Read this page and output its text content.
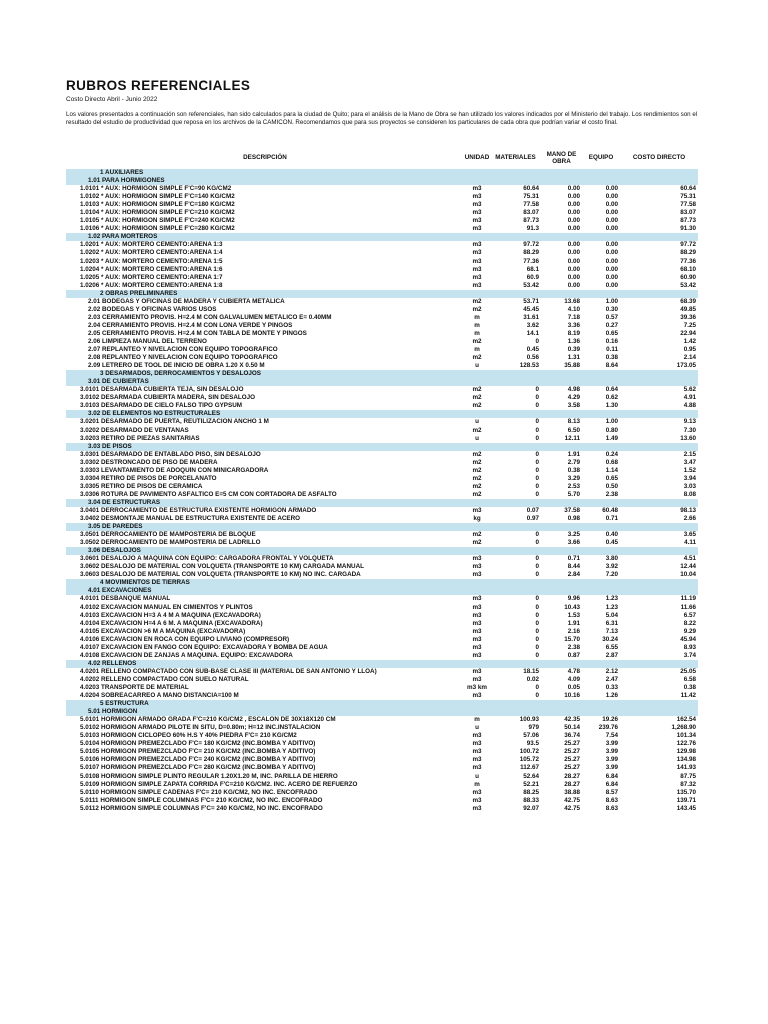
RUBROS REFERENCIALES
Costo Directo Abril - Junio 2022
Los valores presentados a continuación son referenciales, han sido calculados para la ciudad de Quito; para el análisis de la Mano de Obra se han utilizado los valores indicados por el Ministerio del trabajo. Los rendimientos son el resultado del estudio de productividad que reposa en los archivos de la CAMICON. Recomendamos que para sus proyectos se consideren los particulares de cada obra que podrían variar el costo final.
DESCRIPCIÓN	UNIDAD	MATERIALES	MANO DE OBRA	EQUIPO	COSTO DIRECTO
1 AUXILIARES					
1.01 PARA HORMIGONES					
1.0101 * AUX: HORMIGÓN SIMPLE F'C=90 KG/CM2	m3	60.64	0.00	0.00	60.64
1.0102 * AUX: HORMIGÓN SIMPLE F'C=140 KG/CM2	m3	75.31	0.00	0.00	75.31
1.0103 * AUX: HORMIGÓN SIMPLE F'C=180 KG/CM2	m3	77.58	0.00	0.00	77.58
1.0104 * AUX: HORMIGÓN SIMPLE F'C=210 KG/CM2	m3	83.07	0.00	0.00	83.07
1.0105 * AUX: HORMIGÓN SIMPLE F'C=240 KG/CM2	m3	87.73	0.00	0.00	87.73
1.0106 * AUX: HORMIGÓN SIMPLE F'C=280 KG/CM2	m3	91.3	0.00	0.00	91.30
1.02 PARA MORTEROS					
1.0201 * AUX: MORTERO CEMENTO:ARENA 1:3	m3	97.72	0.00	0.00	97.72
1.0202 * AUX: MORTERO CEMENTO:ARENA 1:4	m3	88.29	0.00	0.00	88.29
1.0203 * AUX: MORTERO CEMENTO:ARENA 1:5	m3	77.36	0.00	0.00	77.36
1.0204 * AUX: MORTERO CEMENTO:ARENA 1:6	m3	68.1	0.00	0.00	68.10
1.0205 * AUX: MORTERO CEMENTO:ARENA 1:7	m3	60.9	0.00	0.00	60.90
1.0206 * AUX: MORTERO CEMENTO:ARENA 1:8	m3	53.42	0.00	0.00	53.42
2 OBRAS PRELIMINARES					
2.01 BODEGAS Y OFICINAS DE MADERA Y CUBIERTA METÁLICA	m2	53.71	13.68	1.00	68.39
2.02 BODEGAS Y OFICINAS VARIOS USOS	m2	45.45	4.10	0.30	49.85
2.03 CERRAMIENTO PROVIS. H=2.4 M CON GALVALUMEN METÁLICO E= 0.40MM	m	31.61	7.18	0.57	39.36
2.04 CERRAMIENTO PROVIS. H=2.4 M CON LONA VERDE Y PINGOS	m	3.62	3.36	0.27	7.25
2.05 CERRAMIENTO PROVIS. H=2.4 M CON TABLA DE MONTE Y PINGOS	m	14.1	8.19	0.65	22.94
2.06 LIMPIEZA MANUAL DEL TERRENO	m2	0	1.36	0.16	1.42
2.07 REPLANTEO Y NIVELACIÓN CON EQUIPO TOPOGRÁFICO	m	0.45	0.39	0.11	0.95
2.08 REPLANTEO Y NIVELACIÓN CON EQUIPO TOPOGRÁFICO	m2	0.56	1.31	0.38	2.14
2.09 LETRERO DE TOOL DE INICIO DE OBRA 1.20 X 0.50 M	u	128.53	35.88	8.64	173.05
3 DESARMADOS, DERROCAMIENTOS Y DESALOJOS					
3.01 DE CUBIERTAS					
3.0101 DESARMADA CUBIERTA TEJA, SIN DESALOJO	m2	0	4.98	0.64	5.62
3.0102 DESARMADA CUBIERTA MADERA, SIN DESALOJO	m2	0	4.29	0.62	4.91
3.0103 DESARMADO DE CIELO FALSO TIPO GYPSUM	m2	0	3.58	1.30	4.88
3.02 DE ELEMENTOS NO ESTRUCTURALES					
3.0201 DESARMADO DE PUERTA, REUTILIZACIÓN ANCHO 1 M	u	0	8.13	1.00	9.13
3.0202 DESARMADO DE VENTANAS	m2	0	6.50	0.80	7.30
3.0203 RETIRO DE PIEZAS SANITARIAS	u	0	12.11	1.49	13.60
3.03 DE PISOS					
3.0301 DESARMADO DE ENTABLADO PISO, SIN DESALOJO	m2	0	1.91	0.24	2.15
3.0302 DESTRONCADO DE PISO DE MADERA	m2	0	2.79	0.68	3.47
3.0303 LEVANTAMIENTO DE ADOQUÍN CON MINICARGADORA	m2	0	0.38	1.14	1.52
3.0304 RETIRO DE PISOS DE PORCELANATO	m2	0	3.29	0.65	3.94
3.0305 RETIRO DE PISOS DE CERÁMICA	m2	0	2.53	0.50	3.03
3.0306 ROTURA DE PAVIMENTO ASFÁLTICO E=5 CM CON CORTADORA DE ASFALTO	m2	0	5.70	2.38	8.08
3.04 DE ESTRUCTURAS					
3.0401 DERROCAMIENTO DE ESTRUCTURA EXISTENTE HORMIGÓN ARMADO	m3	0.07	37.58	60.48	98.13
3.0402 DESMONTAJE MANUAL DE ESTRUCTURA EXISTENTE DE ACERO	kg	0.97	0.98	0.71	2.66
3.05 DE PAREDES					
3.0501 DERROCAMIENTO DE MAMPOSTERÍA DE BLOQUE	m2	0	3.25	0.40	3.65
3.0502 DERROCAMIENTO DE MAMPOSTERÍA DE LADRILLO	m2	0	3.66	0.45	4.11
3.06 DESALOJOS					
3.0601 DESALOJO A MÁQUINA CON EQUIPO: CARGADORA FRONTAL Y VOLQUETA	m3	0	0.71	3.80	4.51
3.0602 DESALOJO DE MATERIAL CON VOLQUETA (TRANSPORTE 10 KM) CARGADA MANUAL	m3	0	8.44	3.92	12.44
3.0603 DESALOJO DE MATERIAL CON VOLQUETA (TRANSPORTE 10 KM) NO INC. CARGADA	m3	0	2.84	7.20	10.04
4 MOVIMIENTOS DE TIERRAS					
4.01 EXCAVACIONES					
4.0101 DESBANQUE MANUAL	m3	0	9.96	1.23	11.19
4.0102 EXCAVACIÓN MANUAL EN CIMIENTOS Y PLINTOS	m3	0	10.43	1.23	11.66
4.0103 EXCAVACIÓN H=3 A 4 M A MÁQUINA (EXCAVADORA)	m3	0	1.53	5.04	6.57
4.0104 EXCAVACIÓN H=4 A 6 M. A MÁQUINA (EXCAVADORA)	m3	0	1.91	6.31	8.22
4.0105 EXCAVACIÓN >6 M A MÁQUINA (EXCAVADORA)	m3	0	2.16	7.13	9.29
4.0106 EXCAVACIÓN EN ROCA CON EQUIPO LIVIANO (COMPRESOR)	m3	0	15.70	30.24	45.94
4.0107 EXCAVACIÓN EN FANGO CON EQUIPO: EXCAVADORA Y BOMBA DE AGUA	m3	0	2.38	6.55	8.93
4.0108 EXCAVACIÓN DE ZANJAS A MÁQUINA. EQUIPO: EXCAVADORA	m3	0	0.87	2.87	3.74
4.02 RELLENOS					
4.0201 RELLENO COMPACTADO CON SUB-BASE CLASE III (MATERIAL DE SAN ANTONIO Y LLOA)	m3	18.15	4.78	2.12	25.05
4.0202 RELLENO COMPACTADO CON SUELO NATURAL	m3	0.02	4.09	2.47	6.58
4.0203 TRANSPORTE DE MATERIAL	m3 km	0	0.05	0.33	0.38
4.0204 SOBREACARREO A MANO DISTANCIA=100 M	m3	0	10.16	1.26	11.42
5 ESTRUCTURA					
5.01 HORMIGÓN					
5.0101 HORMIGÓN ARMADO GRADA F'C=210 KG/CM2 , ESCALÓN DE 30X18X120 CM	m	100.93	42.35	19.26	162.54
5.0102 HORMIGÓN ARMADO PILOTE IN SITU, D=0.80m; H=12 INC.INSTALACIÓN	u	979	50.14	239.76	1,268.90
5.0103 HORMIGÓN CICLOPEO 60% H.S Y 40% PIEDRA F'C= 210 KG/CM2	m3	57.06	36.74	7.54	101.34
5.0104 HORMIGÓN PREMEZCLADO F'C= 180 KG/CM2 (INC.BOMBA Y ADITIVO)	m3	93.5	25.27	3.99	122.76
5.0105 HORMIGÓN PREMEZCLADO F'C= 210 KG/CM2 (INC.BOMBA Y ADITIVO)	m3	100.72	25.27	3.99	129.98
5.0106 HORMIGÓN PREMEZCLADO F'C= 240 KG/CM2 (INC.BOMBA Y ADITIVO)	m3	105.72	25.27	3.99	134.98
5.0107 HORMIGÓN PREMEZCLADO F'C= 280 KG/CM2 (INC.BOMBA Y ADITIVO)	m3	112.67	25.27	3.99	141.93
5.0108 HORMIGÓN SIMPLE PLINTO REGULAR 1.20X1.20 M, INC. PARILLA DE HIERRO	u	52.64	28.27	6.84	87.75
5.0109 HORMIGÓN SIMPLE ZAPATA CORRIDA F'C=210 KG/CM2. INC. ACERO DE REFUERZO	m	52.21	28.27	6.84	87.32
5.0110 HORMIGÓN SIMPLE CADENAS F'C= 210 KG/CM2, NO INC. ENCOFRADO	m3	88.25	38.88	8.57	135.70
5.0111 HORMIGÓN SIMPLE COLUMNAS F'C= 210 KG/CM2, NO INC. ENCOFRADO	m3	88.33	42.75	8.63	139.71
5.0112 HORMIGÓN SIMPLE COLUMNAS F'C= 240 KG/CM2, NO INC. ENCOFRADO	m3	92.07	42.75	8.63	143.45
